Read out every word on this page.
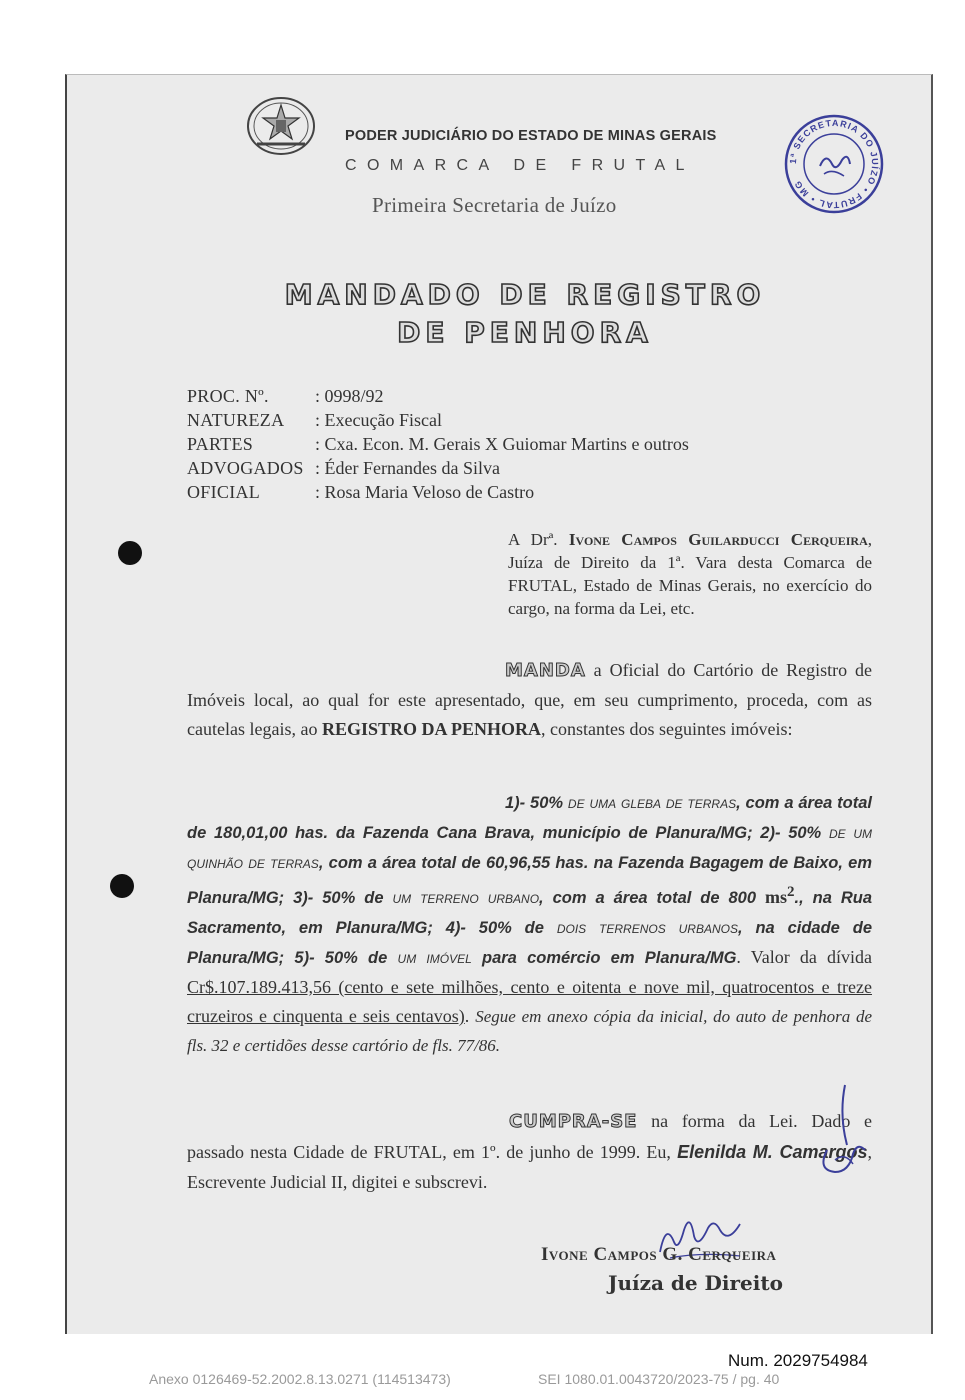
PODER JUDICIÁRIO DO ESTADO DE MINAS GERAIS
COMARCA DE FRUTAL
Primeira Secretaria de Juízo
1ª SECRETARIA DO JUÍZO • FRUTAL • MG
MANDADO DE REGISTRO
DE PENHORA
PROC. Nº.	: 0998/92
NATUREZA : Execução Fiscal
PARTES	: Cxa. Econ. M. Gerais X Guiomar Martins e outros
ADVOGADOS : Éder Fernandes da Silva
OFICIAL	: Rosa Maria Veloso de Castro
A Drª. Ivone Campos Guilarducci Cerqueira, Juíza de Direito da 1ª. Vara desta Comarca de FRUTAL, Estado de Minas Gerais, no exercício do cargo, na forma da Lei, etc.
MANDA a Oficial do Cartório de Registro de Imóveis local, ao qual for este apresentado, que, em seu cumprimento, proceda, com as cautelas legais, ao REGISTRO DA PENHORA, constantes dos seguintes imóveis:
1)- 50% de uma gleba de terras, com a área total de 180,01,00 has. da Fazenda Cana Brava, município de Planura/MG; 2)- 50% de um quinhão de terras, com a área total de 60,96,55 has. na Fazenda Bagagem de Baixo, em Planura/MG; 3)- 50% de um terreno urbano, com a área total de 800 $ms^2$., na Rua Sacramento, em Planura/MG; 4)- 50% de dois terrenos urbanos, na cidade de Planura/MG; 5)- 50% de um imóvel para comércio em Planura/MG. Valor da dívida Cr$.107.189.413,56 (cento e sete milhões, cento e oitenta e nove mil, quatrocentos e treze cruzeiros e cinquenta e seis centavos). Segue em anexo cópia da inicial, do auto de penhora de fls. 32 e certidões desse cartório de fls. 77/86.
CUMPRA-SE na forma da Lei. Dado e passado nesta Cidade de FRUTAL, em 1º. de junho de 1999. Eu, Elenilda M. Camargos, Escrevente Judicial II, digitei e subscrevi.
Ivone Campos G. Cerqueira
Juíza de Direito
Num. 2029754984
Anexo 0126469-52.2002.8.13.0271 (114513473)	SEI 1080.01.0043720/2023-75 / pg. 40
